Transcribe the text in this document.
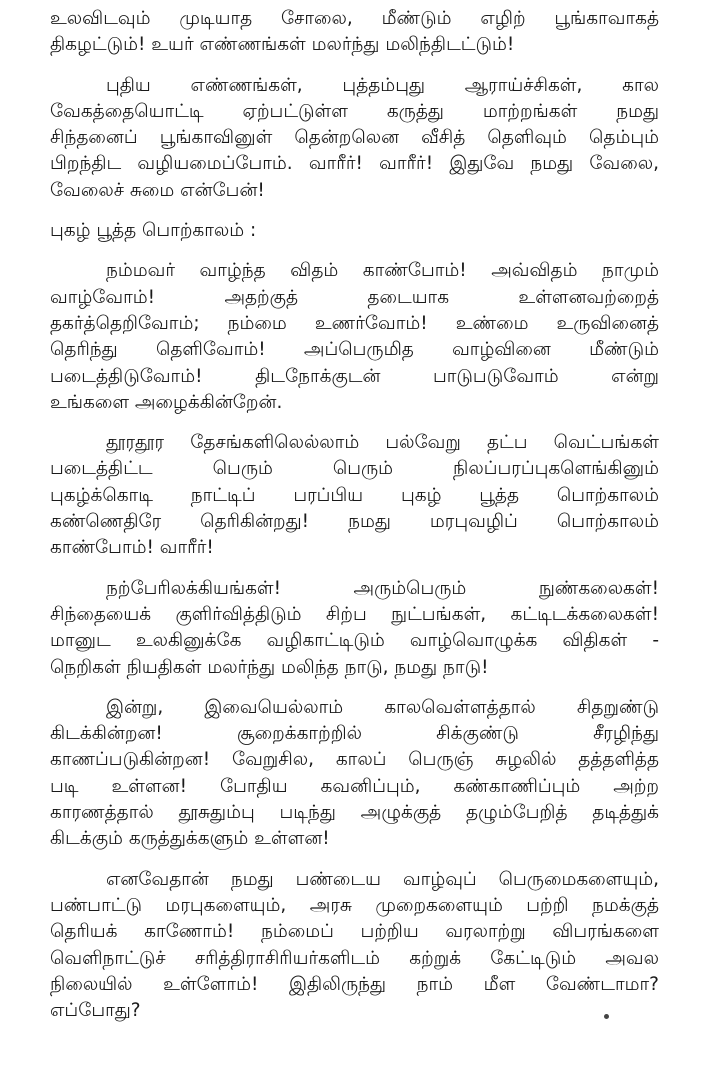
உலவிடவும் முடியாத சோலை, மீண்டும் எழிற் பூங்காவாகத்
திகழட்டும்! உயர் எண்ணங்கள் மலர்ந்து மலிந்திடட்டும்!
புதிய எண்ணங்கள், புத்தம்புது ஆராய்ச்சிகள், கால
வேகத்தையொட்டி ஏற்பட்டுள்ள கருத்து மாற்றங்கள் நமது
சிந்தனைப் பூங்காவினுள் தென்றலென வீசித் தெளிவும் தெம்பும்
பிறந்திட வழியமைப்போம். வாரீர்! வாரீர்! இதுவே நமது வேலை,
வேலைச் சுமை என்பேன்!
புகழ் பூத்த பொற்காலம் :
நம்மவர் வாழ்ந்த விதம் காண்போம்! அவ்விதம் நாமும்
வாழ்வோம்! அதற்குத் தடையாக உள்ளனவற்றைத்
தகர்த்தெறிவோம்; நம்மை உணர்வோம்! உண்மை உருவினைத்
தெரிந்து தெளிவோம்! அப்பெருமித வாழ்வினை மீண்டும்
படைத்திடுவோம்! திடநோக்குடன் பாடுபடுவோம் என்று
உங்களை அழைக்கின்றேன்.
தூரதூர தேசங்களிலெல்லாம் பல்வேறு தட்ப வெட்பங்கள்
படைத்திட்ட பெரும் பெரும் நிலப்பரப்புகளெங்கினும்
புகழ்க்கொடி நாட்டிப் பரப்பிய புகழ் பூத்த பொற்காலம்
கண்ணெதிரே தெரிகின்றது! நமது மரபுவழிப் பொற்காலம்
காண்போம்! வாரீர்!
நற்பேரிலக்கியங்கள்! அரும்பெரும் நுண்கலைகள்!
சிந்தையைக் குளிர்வித்திடும் சிற்ப நுட்பங்கள், கட்டிடக்கலைகள்!
மானுட உலகினுக்கே வழிகாட்டிடும் வாழ்வொழுக்க விதிகள் -
நெறிகள் நியதிகள் மலர்ந்து மலிந்த நாடு, நமது நாடு!
இன்று, இவையெல்லாம் காலவெள்ளத்தால் சிதறுண்டு
கிடக்கின்றன! சூறைக்காற்றில் சிக்குண்டு சீரழிந்து
காணப்படுகின்றன! வேறுசில, காலப் பெருஞ் சுழலில் தத்தளித்த
படி உள்ளன! போதிய கவனிப்பும், கண்காணிப்பும் அற்ற
காரணத்தால் தூசுதும்பு படிந்து அழுக்குத் தழும்பேறித் தடித்துக்
கிடக்கும் கருத்துக்களும் உள்ளன!
எனவேதான் நமது பண்டைய வாழ்வுப் பெருமைகளையும்,
பண்பாட்டு மரபுகளையும், அரசு முறைகளையும் பற்றி நமக்குத்
தெரியக் காணோம்! நம்மைப் பற்றிய வரலாற்று விபரங்களை
வெளிநாட்டுச் சரித்திராசிரியர்களிடம் கற்றுக் கேட்டிடும் அவல
நிலையில் உள்ளோம்! இதிலிருந்து நாம் மீள வேண்டாமா?
எப்போது?
